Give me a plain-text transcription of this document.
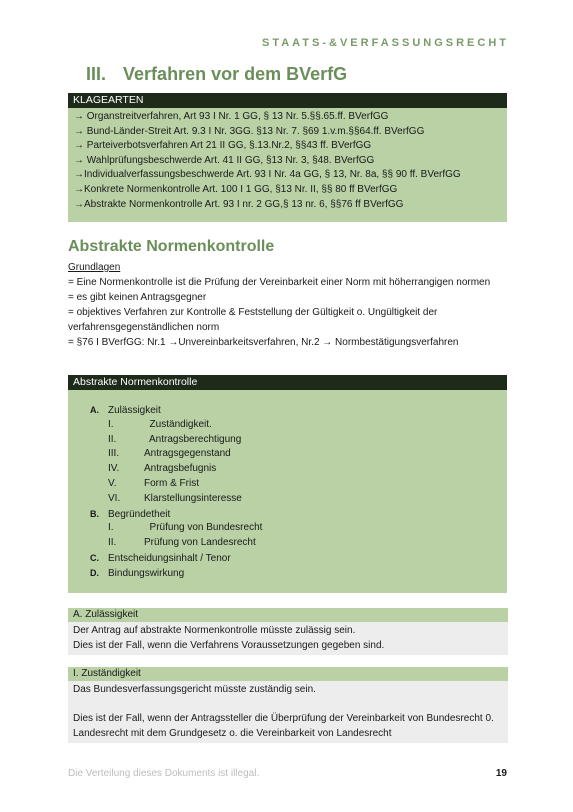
STAATS-&VERFASSUNGSRECHT
III. Verfahren vor dem BVerfG
KLAGEARTEN
→ Organstreitverfahren, Art 93 I Nr. 1 GG, § 13 Nr. 5.§§.65.ff. BVerfGG
→ Bund-Länder-Streit Art. 9.3 I Nr. 3GG. §13 Nr. 7. §69 1.v.m.§§64.ff. BVerfGG
→ Parteiverbotsverfahren Art 21 II GG, §.13.Nr.2, §§43 ff. BVerfGG
→ Wahlprüfungsbeschwerde Art. 41 II GG, §13 Nr. 3, §48. BVerfGG
→Individualverfassungsbeschwerde Art. 93 I Nr. 4a GG, § 13, Nr. 8a, §§ 90 ff. BVerfGG
→Konkrete Normenkontrolle Art. 100 I 1 GG, §13 Nr. II, §§ 80 ff BVerfGG
→Abstrakte Normenkontrolle Art. 93 I nr. 2 GG,§ 13 nr. 6, §§76 ff BVerfGG
Abstrakte Normenkontrolle
Grundlagen
= Eine Normenkontrolle ist die Prüfung der Vereinbarkeit einer Norm mit höherrangigen normen
= es gibt keinen Antragsgegner
= objektives Verfahren zur Kontrolle & Feststellung der Gültigkeit o. Ungültigkeit der verfahrensgegenständlichen norm
= §76 I BVerfGG: Nr.1 →Unvereinbarkeitsverfahren, Nr.2 → Normbestätigungsverfahren
Abstrakte Normenkontrolle
A. Zulässigkeit
I.	Zuständigkeit.
II.	Antragsberechtigung
III. Antragsgegenstand
IV. Antragsbefugnis
V.	Form & Frist
VI. Klarstellungsinteresse
B. Begründetheit
I.	Prüfung von Bundesrecht
II.	Prüfung von Landesrecht
C. Entscheidungsinhalt / Tenor
D. Bindungswirkung
A. Zulässigkeit
Der Antrag auf abstrakte Normenkontrolle müsste zulässig sein.
Dies ist der Fall, wenn die Verfahrens Voraussetzungen gegeben sind.
I. Zuständigkeit
Das Bundesverfassungsgericht müsste zuständig sein.
Dies ist der Fall, wenn der Antragssteller die Überprüfung der Vereinbarkeit von Bundesrecht 0. Landesrecht mit dem Grundgesetz o. die Vereinbarkeit von Landesrecht
Die Verteilung dieses Dokuments ist illegal.	19
